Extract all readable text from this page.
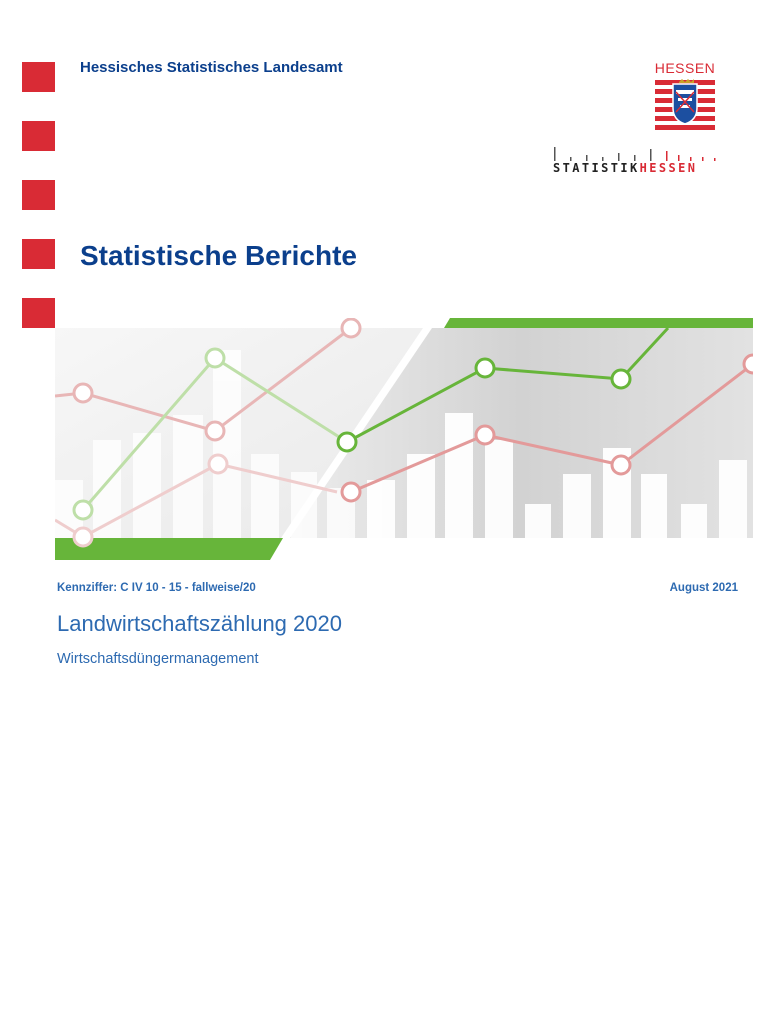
Hessisches Statistisches Landesamt	HESSEN
STATISTIKHESSEN
Statistische Berichte
Kennziffer: C IV 10 - 15 - fallweise/20	August 2021
Landwirtschaftszählung 2020
Wirtschaftsdüngermanagement
